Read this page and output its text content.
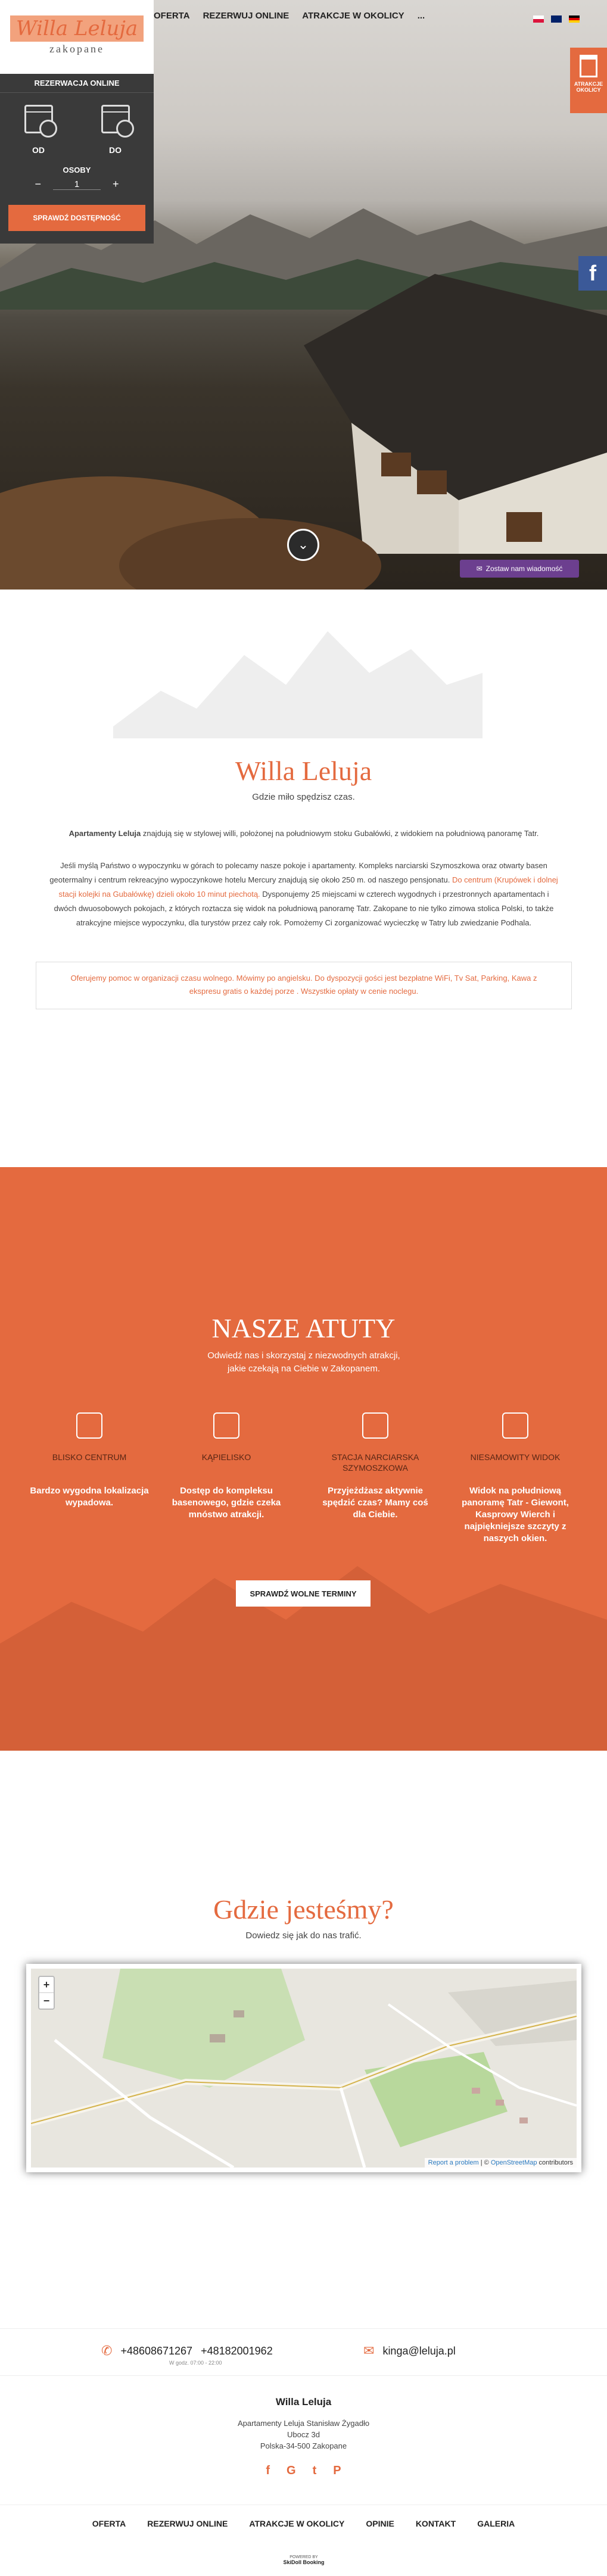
Willa Leluja
zakopane
OFERTA REZERWUJ ONLINE ATRAKCJE W OKOLICY ...
REZERWACJA ONLINE
OD	DO
OSOBY
−	1	+
SPRAWDŹ DOSTĘPNOŚĆ
ATRAKCJE OKOLICY
f
⌄
✉ Zostaw nam wiadomość
Willa Leluja
Gdzie miło spędzisz czas.

Apartamenty Leluja znajdują się w stylowej willi, położonej na południowym stoku Gubałówki, z widokiem na południową panoramę Tatr.

Jeśli myślą Państwo o wypoczynku w górach to polecamy nasze pokoje i apartamenty. Kompleks narciarski Szymoszkowa oraz otwarty basen geotermalny i centrum rekreacyjno wypoczynkowe hotelu Mercury znajdują się około 250 m. od naszego pensjonatu. Do centrum (Krupówek i dolnej stacji kolejki na Gubałówkę) dzieli około 10 minut piechotą. Dysponujemy 25 miejscami w czterech wygodnych i przestronnych apartamentach i dwóch dwuosobowych pokojach, z których roztacza się widok na południową panoramę Tatr. Zakopane to nie tylko zimowa stolica Polski, to także atrakcyjne miejsce wypoczynku, dla turystów przez cały rok. Pomożemy Ci zorganizować wycieczkę w Tatry lub zwiedzanie Podhala.

Oferujemy pomoc w organizacji czasu wolnego. Mówimy po angielsku. Do dyspozycji gości jest bezpłatne WiFi, Tv Sat, Parking, Kawa z ekspresu gratis o każdej porze . Wszystkie opłaty w cenie noclegu.
NASZE ATUTY
Odwiedź nas i skorzystaj z niezwodnych atrakcji, jakie czekają na Ciebie w Zakopanem.
BLISKO CENTRUM
Bardzo wygodna lokalizacja wypadowa.
KĄPIELISKO
Dostęp do kompleksu basenowego, gdzie czeka mnóstwo atrakcji.
STACJA NARCIARSKA SZYMOSZKOWA
Przyjeżdżasz aktywnie spędzić czas? Mamy coś dla Ciebie.
NIESAMOWITY WIDOK
Widok na południową panoramę Tatr - Giewont, Kasprowy Wierch i najpiękniejsze szczyty z naszych okien.
SPRAWDŹ WOLNE TERMINY
Gdzie jesteśmy?
Dowiedz się jak do nas trafić.
+
−
Report a problem | © OpenStreetMap contributors
✆ +48608671267 +48182001962
W godz. 07:00 - 22:00
✉ kinga@leluja.pl
Willa Leluja
Apartamenty Leluja Stanisław Żygadło
Ubocz 3d
Polska-34-500 Zakopane
f G t P
OFERTA	REZERWUJ ONLINE	ATRAKCJE W OKOLICY	OPINIE	KONTAKT	GALERIA
POWERED BY
SkiDoll Booking
